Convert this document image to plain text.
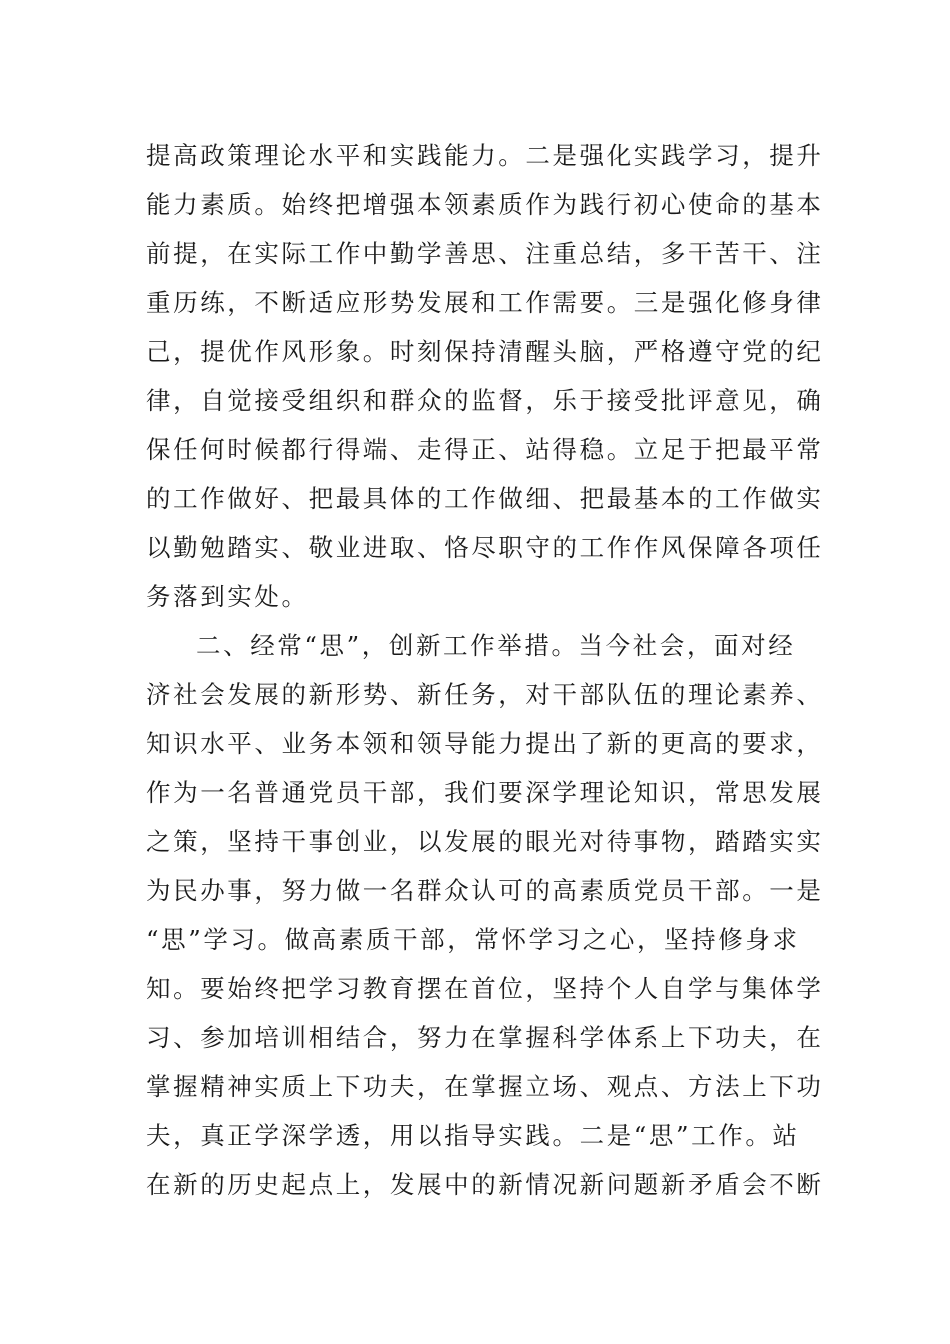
提高政策理论水平和实践能力。二是强化实践学习，提升
能力素质。始终把增强本领素质作为践行初心使命的基本
前提，在实际工作中勤学善思、注重总结，多干苦干、注
重历练，不断适应形势发展和工作需要。三是强化修身律
己，提优作风形象。时刻保持清醒头脑，严格遵守党的纪
律，自觉接受组织和群众的监督，乐于接受批评意见，确
保任何时候都行得端、走得正、站得稳。立足于把最平常
的工作做好、把最具体的工作做细、把最基本的工作做实
以勤勉踏实、敬业进取、恪尽职守的工作作风保障各项任
务落到实处。
二、经常“思”，创新工作举措。当今社会，面对经
济社会发展的新形势、新任务，对干部队伍的理论素养、
知识水平、业务本领和领导能力提出了新的更高的要求，
作为一名普通党员干部，我们要深学理论知识，常思发展
之策，坚持干事创业，以发展的眼光对待事物，踏踏实实
为民办事，努力做一名群众认可的高素质党员干部。一是
“思”学习。做高素质干部，常怀学习之心，坚持修身求
知。要始终把学习教育摆在首位，坚持个人自学与集体学
习、参加培训相结合，努力在掌握科学体系上下功夫，在
掌握精神实质上下功夫，在掌握立场、观点、方法上下功
夫，真正学深学透，用以指导实践。二是“思”工作。站
在新的历史起点上，发展中的新情况新问题新矛盾会不断
